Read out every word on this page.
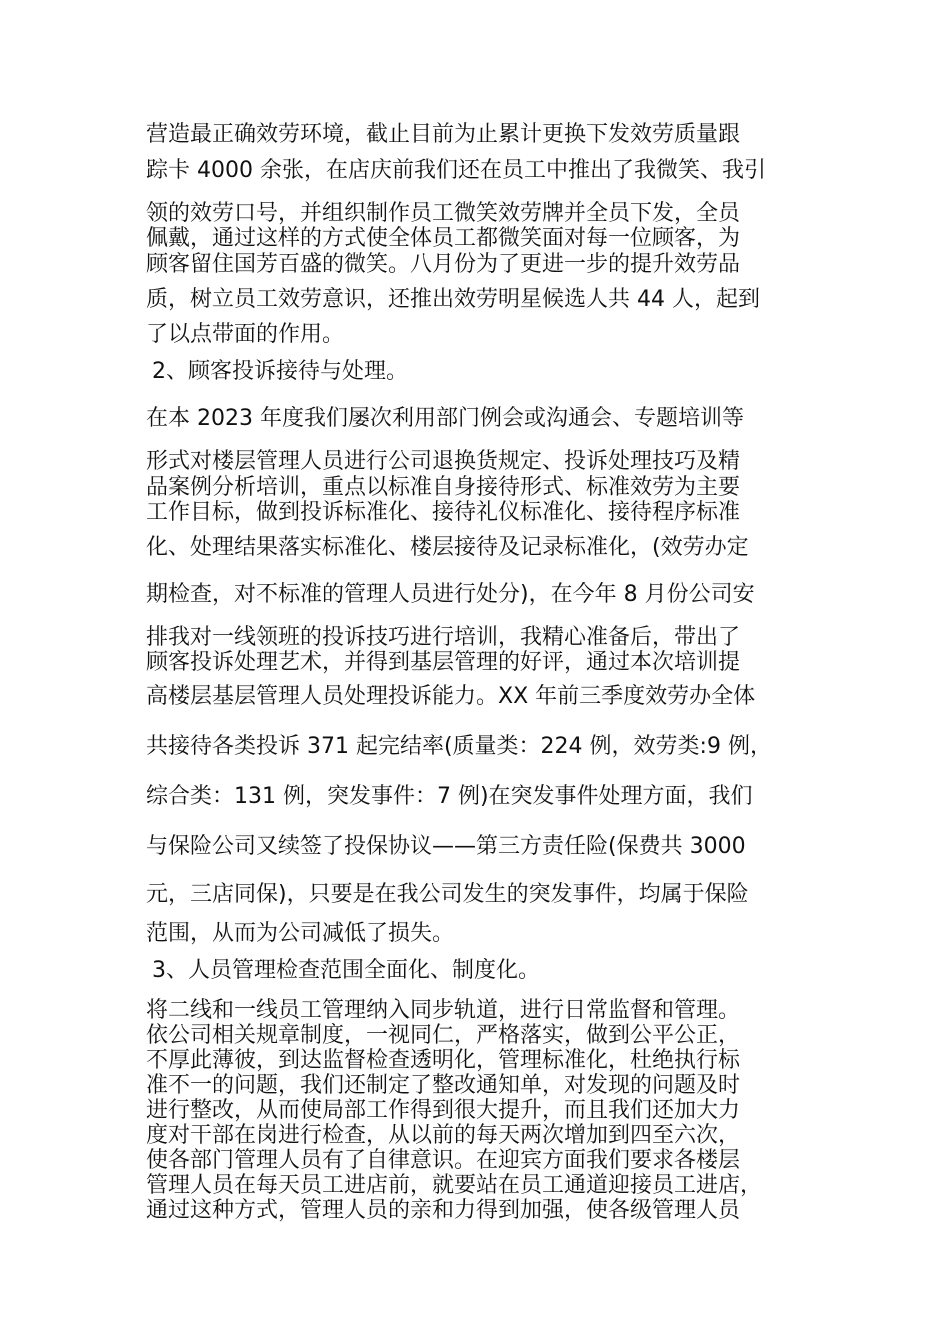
营造最正确效劳环境，截止目前为止累计更换下发效劳质量跟
踪卡 4000 余张，在店庆前我们还在员工中推出了我微笑、我引
领的效劳口号，并组织制作员工微笑效劳牌并全员下发，全员
佩戴，通过这样的方式使全体员工都微笑面对每一位顾客，为
顾客留住国芳百盛的微笑。八月份为了更进一步的提升效劳品
质，树立员工效劳意识，还推出效劳明星候选人共 44 人，起到
了以点带面的作用。
2、顾客投诉接待与处理。
在本 2023 年度我们屡次利用部门例会或沟通会、专题培训等
形式对楼层管理人员进行公司退换货规定、投诉处理技巧及精
品案例分析培训，重点以标准自身接待形式、标准效劳为主要
工作目标，做到投诉标准化、接待礼仪标准化、接待程序标准
化、处理结果落实标准化、楼层接待及记录标准化，(效劳办定
期检查，对不标准的管理人员进行处分)，在今年 8 月份公司安
排我对一线领班的投诉技巧进行培训，我精心准备后，带出了
顾客投诉处理艺术，并得到基层管理的好评，通过本次培训提
高楼层基层管理人员处理投诉能力。XX 年前三季度效劳办全体
共接待各类投诉 371 起完结率(质量类：224 例，效劳类:9 例，
综合类：131 例，突发事件：7 例)在突发事件处理方面，我们
与保险公司又续签了投保协议——第三方责任险(保费共 3000
元，三店同保)，只要是在我公司发生的突发事件，均属于保险
范围，从而为公司减低了损失。
3、人员管理检查范围全面化、制度化。
将二线和一线员工管理纳入同步轨道，进行日常监督和管理。
依公司相关规章制度，一视同仁，严格落实，做到公平公正，
不厚此薄彼，到达监督检查透明化，管理标准化，杜绝执行标
准不一的问题，我们还制定了整改通知单，对发现的问题及时
进行整改，从而使局部工作得到很大提升，而且我们还加大力
度对干部在岗进行检查，从以前的每天两次增加到四至六次，
使各部门管理人员有了自律意识。在迎宾方面我们要求各楼层
管理人员在每天员工进店前，就要站在员工通道迎接员工进店，
通过这种方式，管理人员的亲和力得到加强，使各级管理人员
